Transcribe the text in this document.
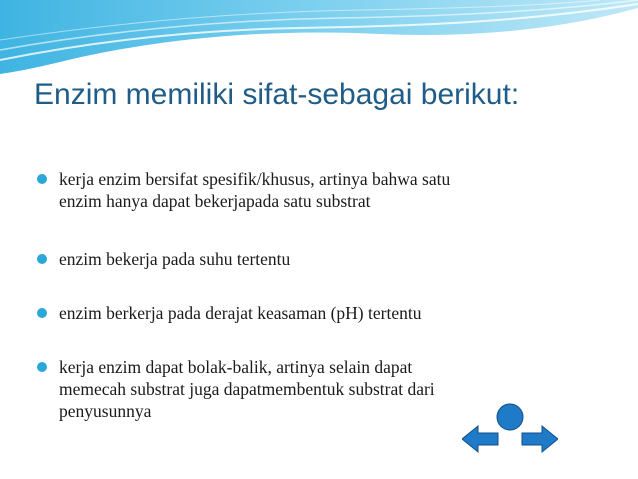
Enzim memiliki sifat-sebagai berikut:
kerja enzim bersifat spesifik/khusus, artinya bahwa satu
enzim hanya dapat bekerjapada satu substrat
enzim bekerja pada suhu tertentu
enzim berkerja pada derajat keasaman (pH) tertentu
kerja enzim dapat bolak-balik, artinya selain dapat
memecah substrat juga dapatmembentuk substrat dari
penyusunnya
